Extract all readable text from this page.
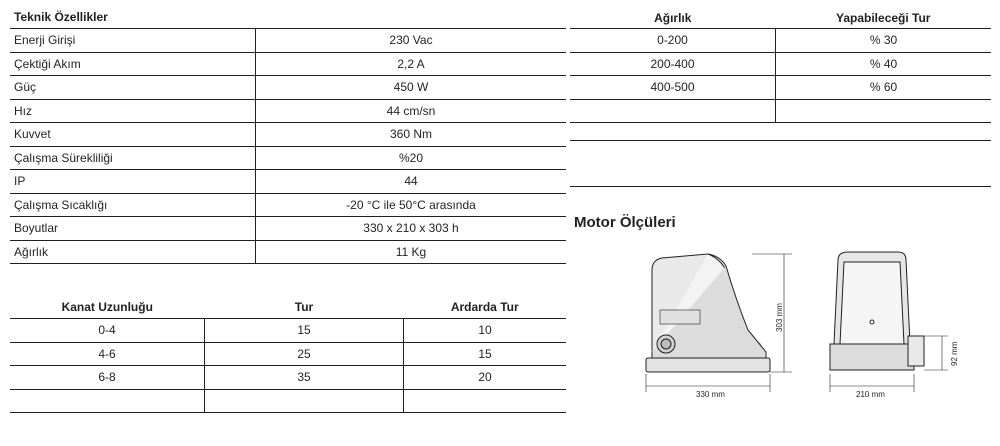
Teknik Özellikler	
Enerji Girişi	230 Vac
Çektiği Akım	2,2 A
Güç	450 W
Hız	44 cm/sn
Kuvvet	360 Nm
Çalışma Sürekliliği	%20
IP	44
Çalışma Sıcaklığı	-20 °C ile 50°C arasında
Boyutlar	330 x 210 x 303 h
Ağırlık	11 Kg
Ağırlık	Yapabileceği Tur
0-200	% 30
200-400	% 40
400-500	% 60

Kanat Uzunluğu	Tur	Ardarda Tur
0-4	15	10
4-6	25	15
6-8	35	20

Motor Ölçüleri
330 mm
303 mm
210 mm
92 mm
